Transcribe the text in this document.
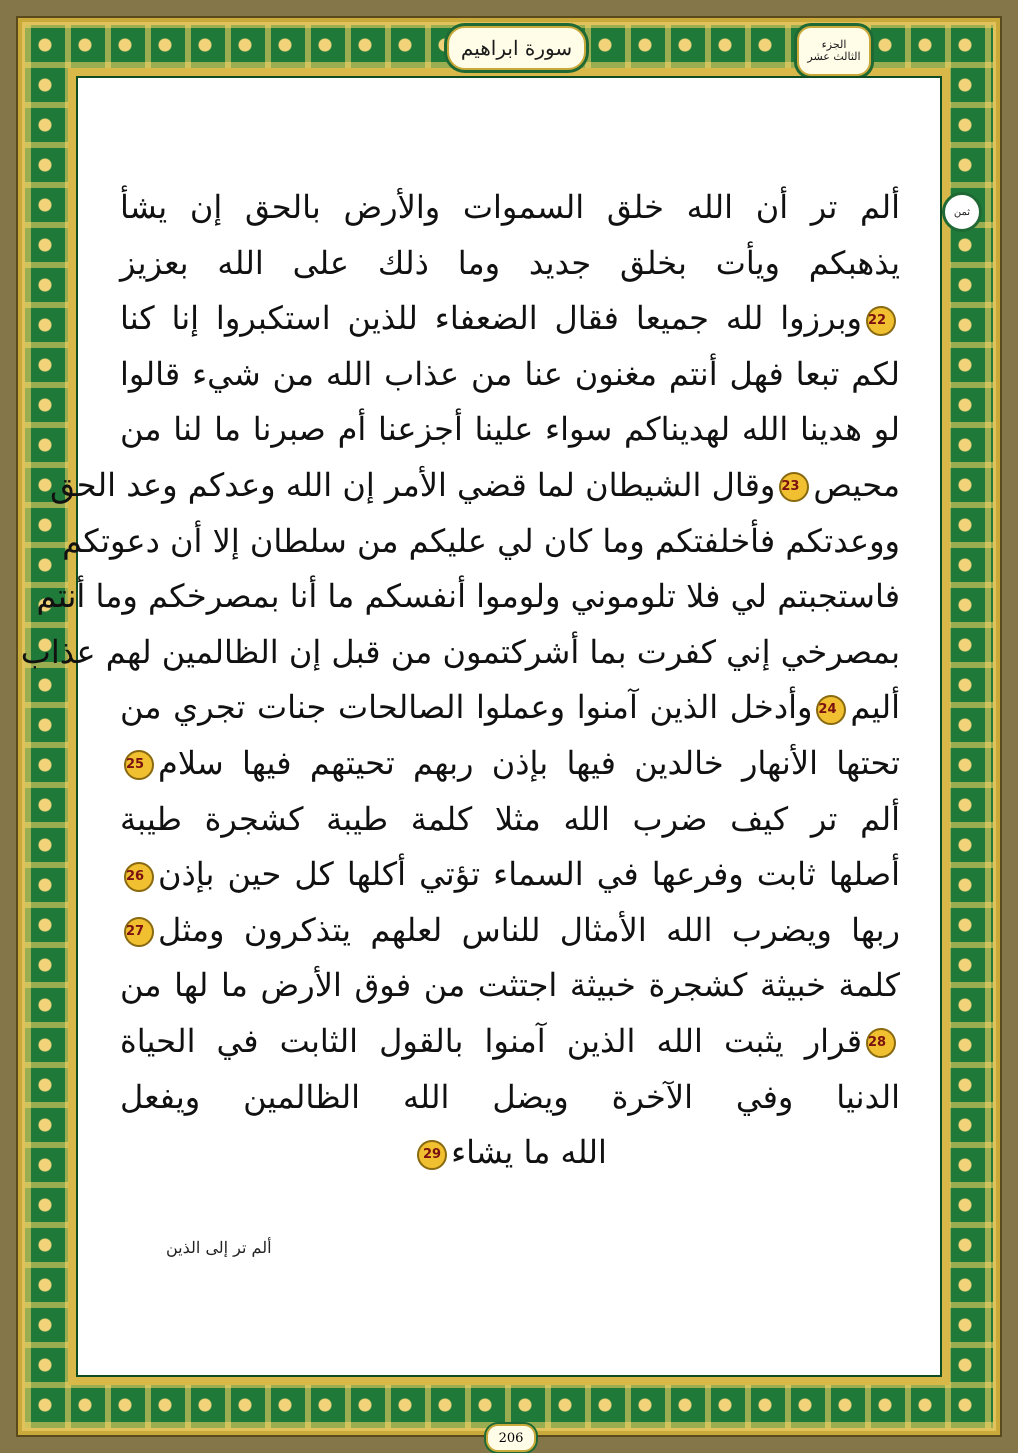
سورة ابراهيم	الجزء
الثالث عشر
ثمن
ألم تر أن الله خلق السموات والأرض بالحق إن يشأ
يذهبكم ويأت بخلق جديد وما ذلك على الله بعزيز
22وبرزوا لله جميعا فقال الضعفاء للذين استكبروا إنا كنا
لكم تبعا فهل أنتم مغنون عنا من عذاب الله من شيء قالوا
لو هدينا الله لهديناكم سواء علينا أجزعنا أم صبرنا ما لنا من
محيص23وقال الشيطان لما قضي الأمر إن الله وعدكم وعد الحق
ووعدتكم فأخلفتكم وما كان لي عليكم من سلطان إلا أن دعوتكم
فاستجبتم لي فلا تلوموني ولوموا أنفسكم ما أنا بمصرخكم وما أنتم
بمصرخي إني كفرت بما أشركتمون من قبل إن الظالمين لهم عذاب
أليم24وأدخل الذين آمنوا وعملوا الصالحات جنات تجري من
تحتها الأنهار خالدين فيها بإذن ربهم تحيتهم فيها سلام25
ألم تر كيف ضرب الله مثلا كلمة طيبة كشجرة طيبة
أصلها ثابت وفرعها في السماء تؤتي أكلها كل حين بإذن26
ربها ويضرب الله الأمثال للناس لعلهم يتذكرون ومثل27
كلمة خبيثة كشجرة خبيثة اجتثت من فوق الأرض ما لها من
28قرار يثبت الله الذين آمنوا بالقول الثابت في الحياة
الدنيا وفي الآخرة ويضل الله الظالمين ويفعل
الله ما يشاء29
ألم تر إلى الذين
206
